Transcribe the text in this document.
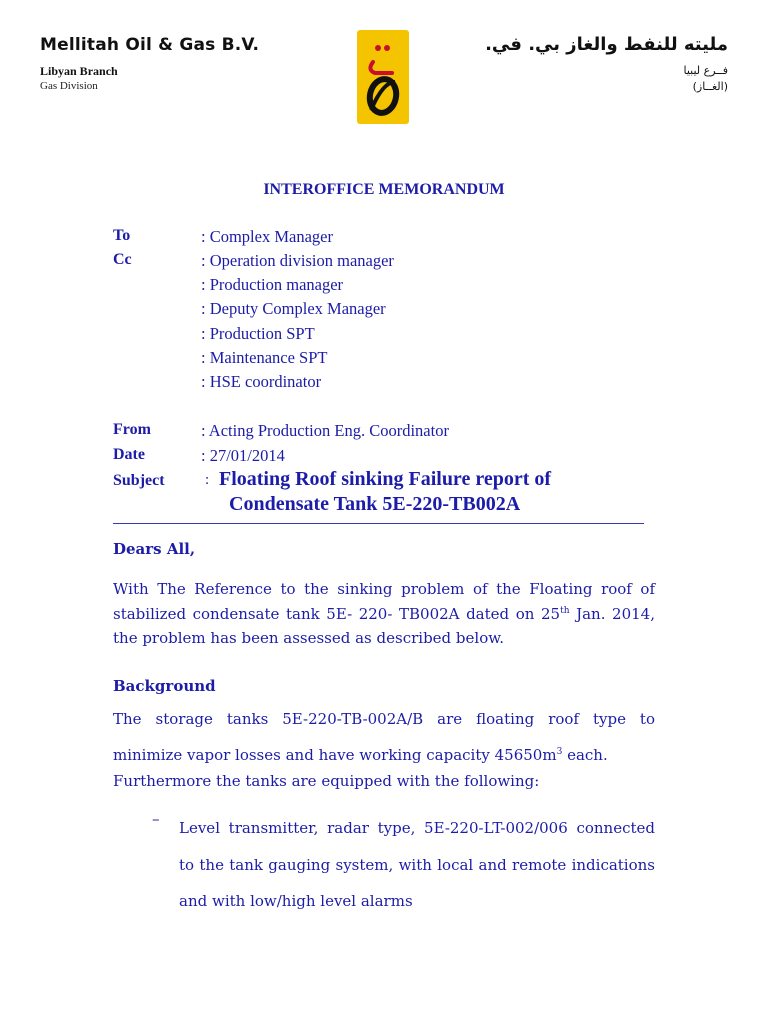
Mellitah Oil & Gas B.V.
Libyan Branch
Gas Division
مليته للنفط والغاز بي. في.
فــرع ليبيا
(الغــاز)
INTEROFFICE MEMORANDUM
To	: Complex Manager
Cc	: Operation division manager
: Production manager
: Deputy Complex Manager
: Production SPT
: Maintenance SPT
: HSE coordinator
From	: Acting Production Eng. Coordinator
Date	: 27/01/2014
Subject	: Floating Roof sinking Failure report of
Condensate Tank 5E-220-TB002A
Dears All,
With The Reference to the sinking problem of the Floating roof of stabilized condensate tank 5E- 220- TB002A dated on 25th Jan. 2014, the problem has been assessed as described below.
Background
The storage tanks 5E-220-TB-002A/B are floating roof type to minimize vapor losses and have working capacity $45650m^3$ each.
Furthermore the tanks are equipped with the following:
– Level transmitter, radar type, 5E-220-LT-002/006 connected to the tank gauging system, with local and remote indications and with low/high level alarms
